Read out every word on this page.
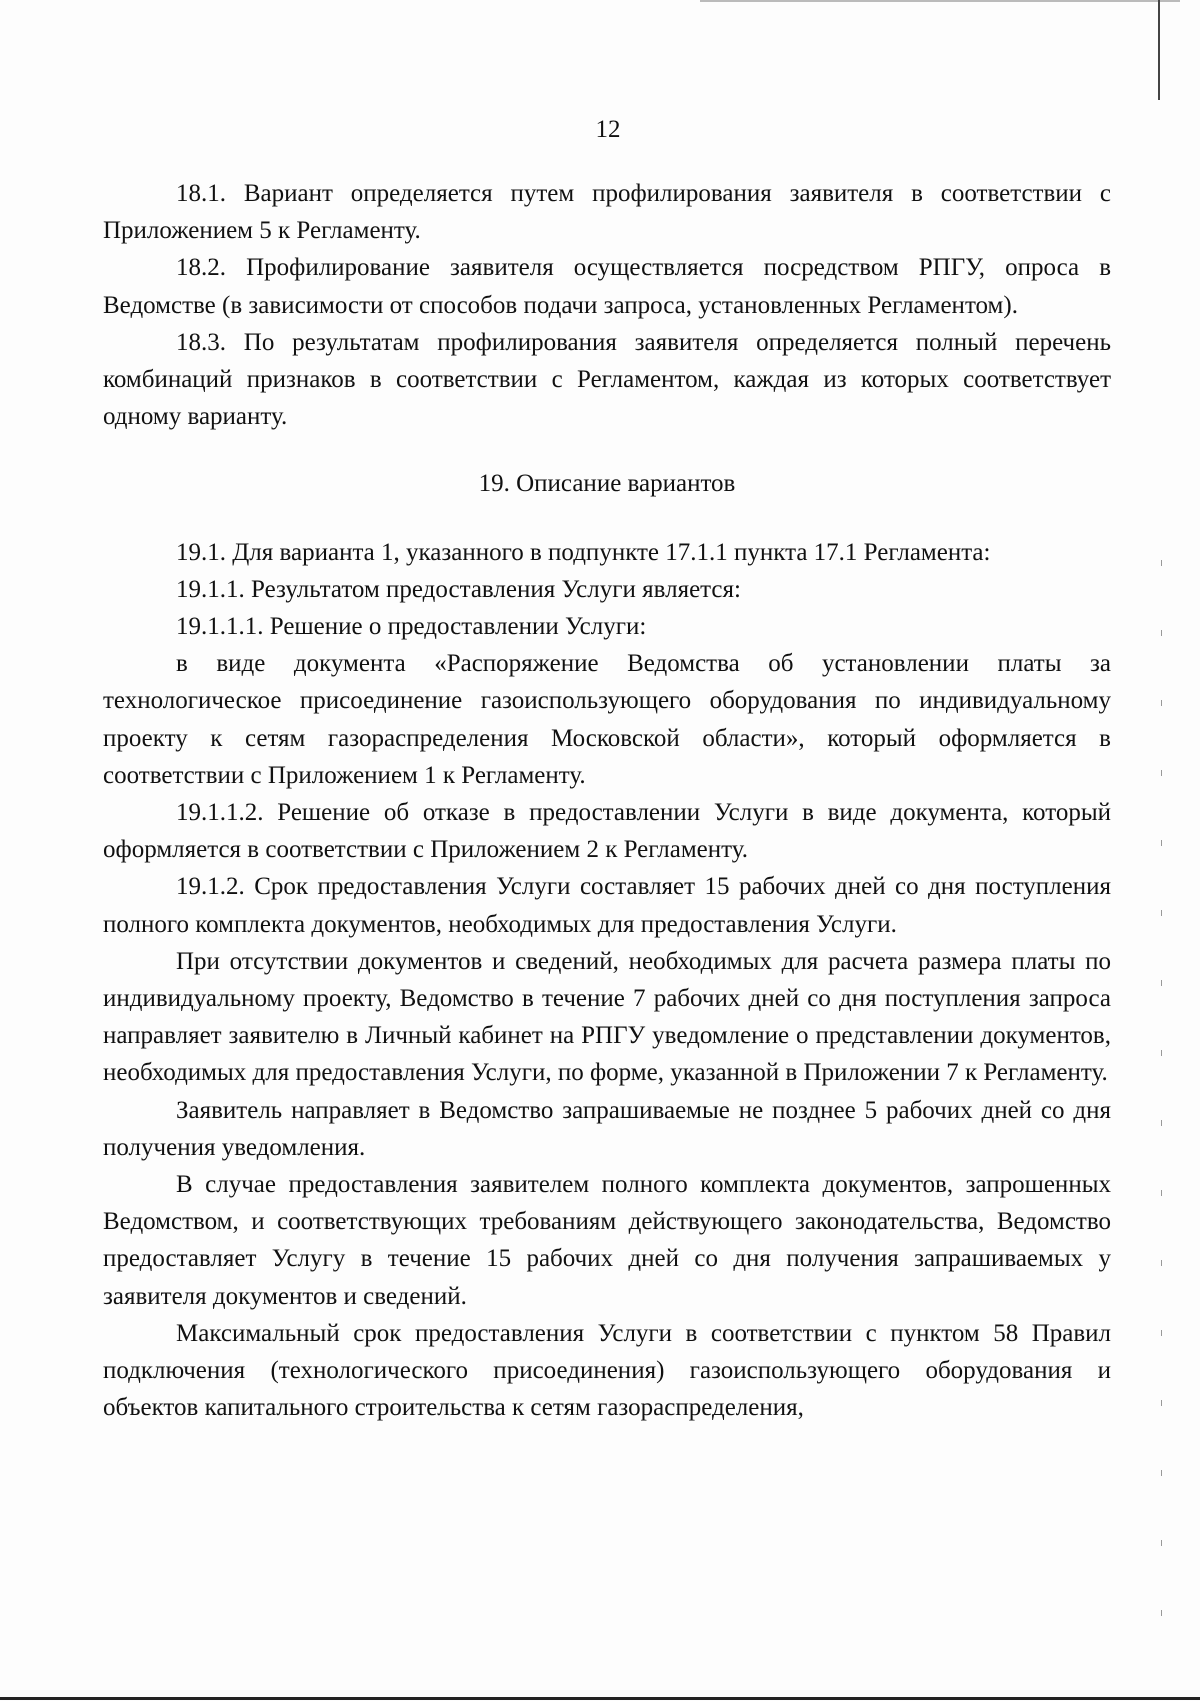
12

18.1. Вариант определяется путем профилирования заявителя в соответствии с Приложением 5 к Регламенту.

18.2. Профилирование заявителя осуществляется посредством РПГУ, опроса в Ведомстве (в зависимости от способов подачи запроса, установленных Регламентом).

18.3. По результатам профилирования заявителя определяется полный перечень комбинаций признаков в соответствии с Регламентом, каждая из которых соответствует одному варианту.

19. Описание вариантов

19.1. Для варианта 1, указанного в подпункте 17.1.1 пункта 17.1 Регламента:

19.1.1. Результатом предоставления Услуги является:

19.1.1.1. Решение о предоставлении Услуги:

в виде документа «Распоряжение Ведомства об установлении платы за технологическое присоединение газоиспользующего оборудования по индивидуальному проекту к сетям газораспределения Московской области», который оформляется в соответствии с Приложением 1 к Регламенту.

19.1.1.2. Решение об отказе в предоставлении Услуги в виде документа, который оформляется в соответствии с Приложением 2 к Регламенту.

19.1.2. Срок предоставления Услуги составляет 15 рабочих дней со дня поступления полного комплекта документов, необходимых для предоставления Услуги.

При отсутствии документов и сведений, необходимых для расчета размера платы по индивидуальному проекту, Ведомство в течение 7 рабочих дней со дня поступления запроса направляет заявителю в Личный кабинет на РПГУ уведомление о представлении документов, необходимых для предоставления Услуги, по форме, указанной в Приложении 7 к Регламенту.

Заявитель направляет в Ведомство запрашиваемые не позднее 5 рабочих дней со дня получения уведомления.

В случае предоставления заявителем полного комплекта документов, запрошенных Ведомством, и соответствующих требованиям действующего законодательства, Ведомство предоставляет Услугу в течение 15 рабочих дней со дня получения запрашиваемых у заявителя документов и сведений.

Максимальный срок предоставления Услуги в соответствии с пунктом 58 Правил подключения (технологического присоединения) газоиспользующего оборудования и объектов капитального строительства к сетям газораспределения,
